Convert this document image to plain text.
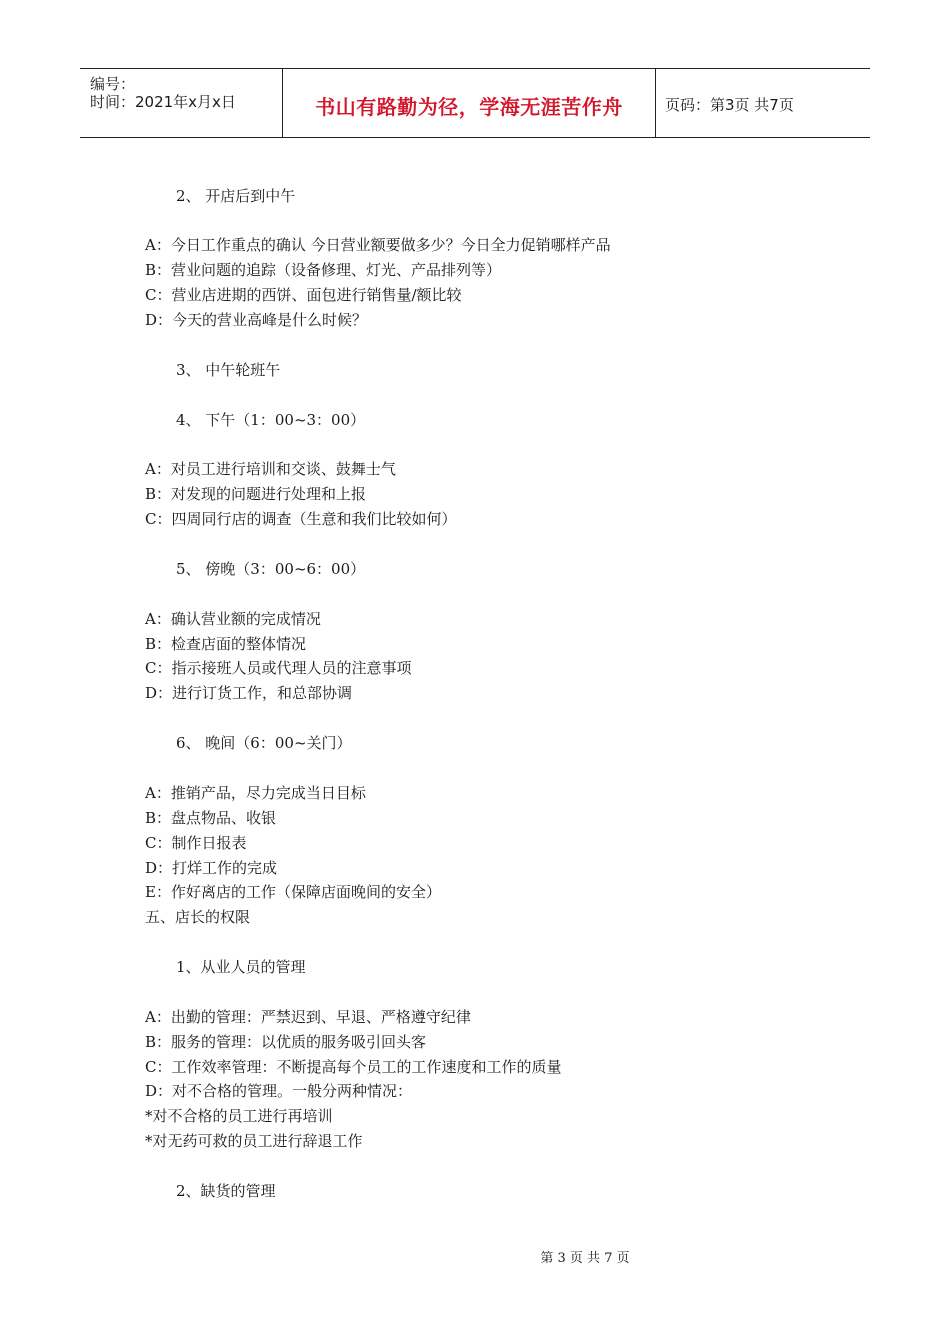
编号：
时间：2021年x月x日	书山有路勤为径，学海无涯苦作舟	页码：第3页 共7页
2、 开店后到中午
A：今日工作重点的确认 今日营业额要做多少？今日全力促销哪样产品
B：营业问题的追踪（设备修理、灯光、产品排列等）
C：营业店进期的西饼、面包进行销售量/额比较
D：今天的营业高峰是什么时候？
3、 中午轮班午
4、 下午（1：00~3：00）
A：对员工进行培训和交谈、鼓舞士气
B：对发现的问题进行处理和上报
C：四周同行店的调查（生意和我们比较如何）
5、 傍晚（3：00~6：00）
A：确认营业额的完成情况
B：检查店面的整体情况
C：指示接班人员或代理人员的注意事项
D：进行订货工作，和总部协调
6、 晚间（6：00~关门）
A：推销产品，尽力完成当日目标
B：盘点物品、收银
C：制作日报表
D：打烊工作的完成
E：作好离店的工作（保障店面晚间的安全）
五、店长的权限
1、从业人员的管理
A：出勤的管理：严禁迟到、早退、严格遵守纪律
B：服务的管理：以优质的服务吸引回头客
C：工作效率管理：不断提高每个员工的工作速度和工作的质量
D：对不合格的管理。一般分两种情况：
*对不合格的员工进行再培训
*对无药可救的员工进行辞退工作
2、缺货的管理
第 3 页 共 7 页
